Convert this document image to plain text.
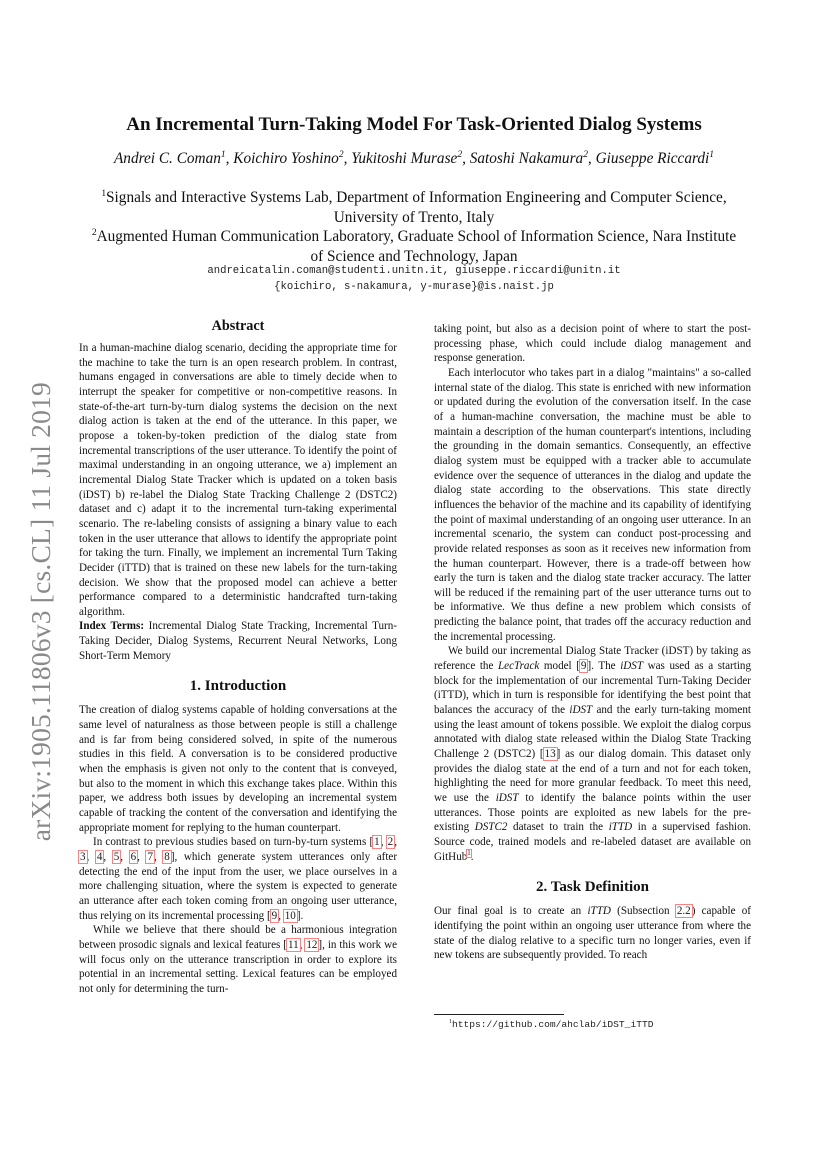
arXiv:1905.11806v3 [cs.CL] 11 Jul 2019
An Incremental Turn-Taking Model For Task-Oriented Dialog Systems
Andrei C. Coman$^1$, Koichiro Yoshino$^2$, Yukitoshi Murase$^2$, Satoshi Nakamura$^2$, Giuseppe Riccardi$^1$
$^1$Signals and Interactive Systems Lab, Department of Information Engineering and Computer Science, University of Trento, Italy
$^2$Augmented Human Communication Laboratory, Graduate School of Information Science, Nara Institute of Science and Technology, Japan
andreicatalin.coman@studenti.unitn.it, giuseppe.riccardi@unitn.it
{koichiro, s-nakamura, y-murase}@is.naist.jp
Abstract

In a human-machine dialog scenario, deciding the appropriate time for the machine to take the turn is an open research problem. In contrast, humans engaged in conversations are able to timely decide when to interrupt the speaker for competitive or non-competitive reasons. In state-of-the-art turn-by-turn dialog systems the decision on the next dialog action is taken at the end of the utterance. In this paper, we propose a token-by-token prediction of the dialog state from incremental transcriptions of the user utterance. To identify the point of maximal understanding in an ongoing utterance, we a) implement an incremental Dialog State Tracker which is updated on a token basis (iDST) b) re-label the Dialog State Tracking Challenge 2 (DSTC2) dataset and c) adapt it to the incremental turn-taking experimental scenario. The re-labeling consists of assigning a binary value to each token in the user utterance that allows to identify the appropriate point for taking the turn. Finally, we implement an incremental Turn Taking Decider (iTTD) that is trained on these new labels for the turn-taking decision. We show that the proposed model can achieve a better performance compared to a deterministic handcrafted turn-taking algorithm.

Index Terms: Incremental Dialog State Tracking, Incremental Turn-Taking Decider, Dialog Systems, Recurrent Neural Networks, Long Short-Term Memory

1. Introduction

The creation of dialog systems capable of holding conversations at the same level of naturalness as those between people is still a challenge and is far from being considered solved, in spite of the numerous studies in this field. A conversation is to be considered productive when the emphasis is given not only to the content that is conveyed, but also to the moment in which this exchange takes place. Within this paper, we address both issues by developing an incremental system capable of tracking the content of the conversation and identifying the appropriate moment for replying to the human counterpart.

In contrast to previous studies based on turn-by-turn systems [1, 2, 3, 4, 5, 6, 7, 8], which generate system utterances only after detecting the end of the input from the user, we place ourselves in a more challenging situation, where the system is expected to generate an utterance after each token coming from an ongoing user utterance, thus relying on its incremental processing [9, 10].

While we believe that there should be a harmonious integration between prosodic signals and lexical features [11, 12], in this work we will focus only on the utterance transcription in order to explore its potential in an incremental setting. Lexical features can be employed not only for determining the turn-

taking point, but also as a decision point of where to start the post-processing phase, which could include dialog management and response generation.

Each interlocutor who takes part in a dialog "maintains" a so-called internal state of the dialog. This state is enriched with new information or updated during the evolution of the conversation itself. In the case of a human-machine conversation, the machine must be able to maintain a description of the human counterpart's intentions, including the grounding in the domain semantics. Consequently, an effective dialog system must be equipped with a tracker able to accumulate evidence over the sequence of utterances in the dialog and update the dialog state according to the observations. This state directly influences the behavior of the machine and its capability of identifying the point of maximal understanding of an ongoing user utterance. In an incremental scenario, the system can conduct post-processing and provide related responses as soon as it receives new information from the human counterpart. However, there is a trade-off between how early the turn is taken and the dialog state tracker accuracy. The latter will be reduced if the remaining part of the user utterance turns out to be informative. We thus define a new problem which consists of predicting the balance point, that trades off the accuracy reduction and the incremental processing.

We build our incremental Dialog State Tracker (iDST) by taking as reference the LecTrack model [9]. The iDST was used as a starting block for the implementation of our incremental Turn-Taking Decider (iTTD), which in turn is responsible for identifying the best point that balances the accuracy of the iDST and the early turn-taking moment using the least amount of tokens possible. We exploit the dialog corpus annotated with dialog state released within the Dialog State Tracking Challenge 2 (DSTC2) [13] as our dialog domain. This dataset only provides the dialog state at the end of a turn and not for each token, highlighting the need for more granular feedback. To meet this need, we use the iDST to identify the balance points within the user utterances. Those points are exploited as new labels for the pre-existing DSTC2 dataset to train the iTTD in a supervised fashion. Source code, trained models and re-labeled dataset are available on GitHub$^1$.

2. Task Definition

Our final goal is to create an iTTD (Subsection 2.2) capable of identifying the point within an ongoing user utterance from where the state of the dialog relative to a specific turn no longer varies, even if new tokens are subsequently provided. To reach

$^1$https://github.com/ahclab/iDST_iTTD
